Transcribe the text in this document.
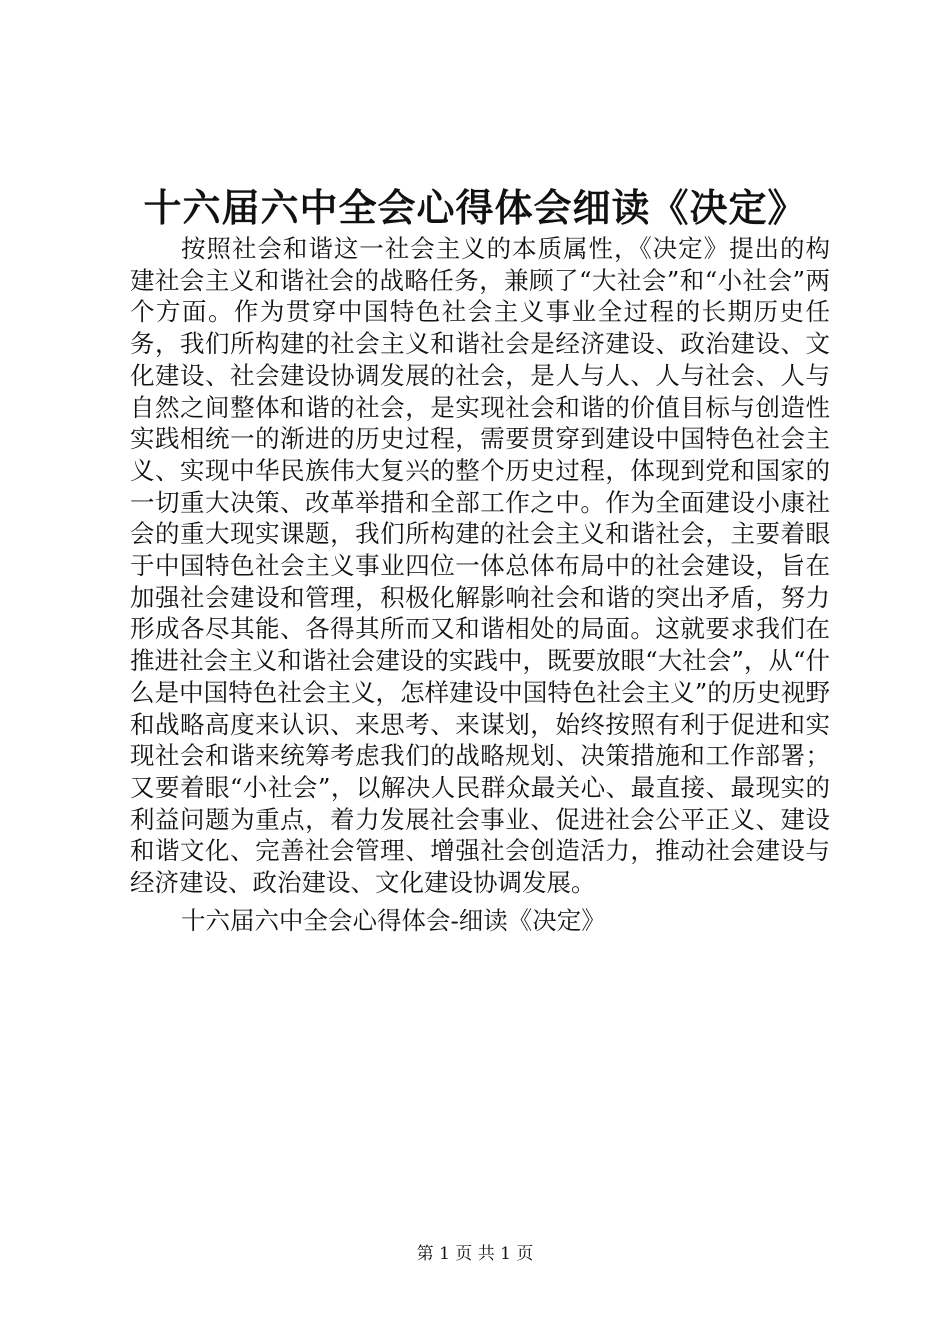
十六届六中全会心得体会细读《决定》

按照社会和谐这一社会主义的本质属性，《决定》提出的构建社会主义和谐社会的战略任务，兼顾了“大社会”和“小社会”两个方面。作为贯穿中国特色社会主义事业全过程的长期历史任务，我们所构建的社会主义和谐社会是经济建设、政治建设、文化建设、社会建设协调发展的社会，是人与人、人与社会、人与自然之间整体和谐的社会，是实现社会和谐的价值目标与创造性实践相统一的渐进的历史过程，需要贯穿到建设中国特色社会主义、实现中华民族伟大复兴的整个历史过程，体现到党和国家的一切重大决策、改革举措和全部工作之中。作为全面建设小康社会的重大现实课题，我们所构建的社会主义和谐社会，主要着眼于中国特色社会主义事业四位一体总体布局中的社会建设，旨在加强社会建设和管理，积极化解影响社会和谐的突出矛盾，努力形成各尽其能、各得其所而又和谐相处的局面。这就要求我们在推进社会主义和谐社会建设的实践中，既要放眼“大社会”，从“什么是中国特色社会主义，怎样建设中国特色社会主义”的历史视野和战略高度来认识、来思考、来谋划，始终按照有利于促进和实现社会和谐来统筹考虑我们的战略规划、决策措施和工作部署；又要着眼“小社会”，以解决人民群众最关心、最直接、最现实的利益问题为重点，着力发展社会事业、促进社会公平正义、建设和谐文化、完善社会管理、增强社会创造活力，推动社会建设与经济建设、政治建设、文化建设协调发展。

十六届六中全会心得体会-细读《决定》

第 1 页 共 1 页
